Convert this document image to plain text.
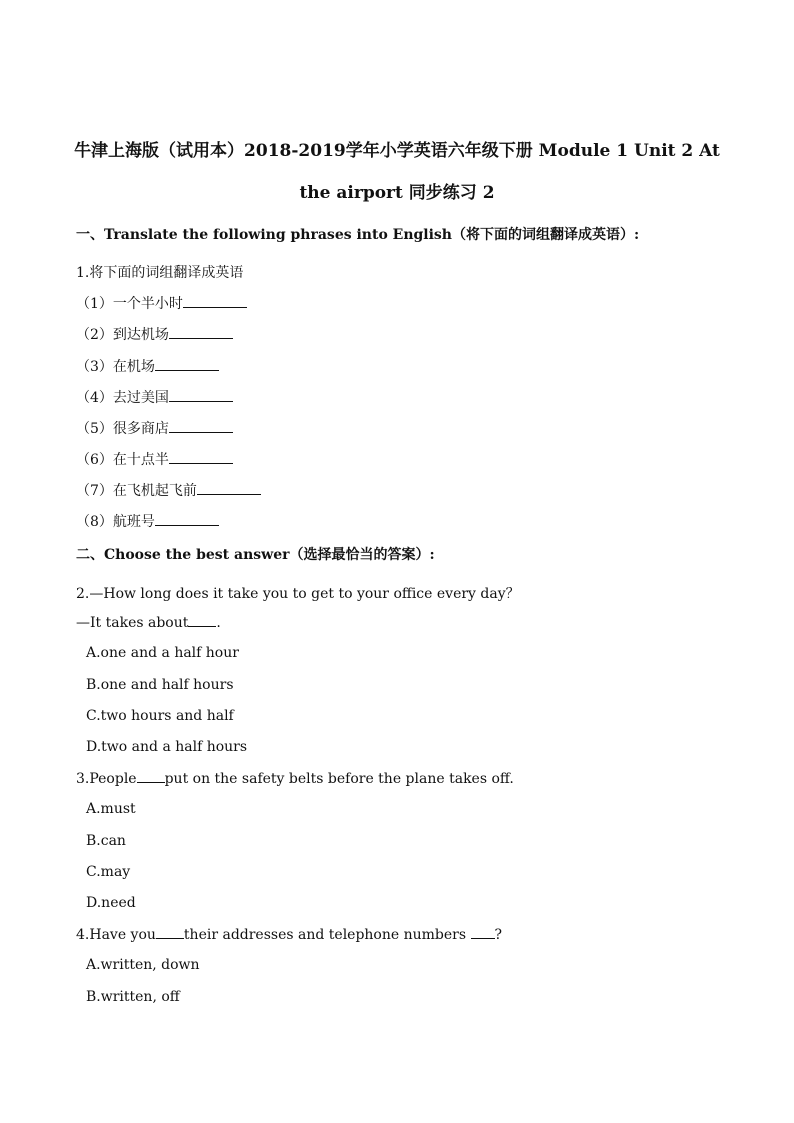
牛津上海版（试用本）2018-2019学年小学英语六年级下册 Module 1 Unit 2 At
the airport 同步练习 2
一、Translate the following phrases into English（将下面的词组翻译成英语）:
1.将下面的词组翻译成英语
（1）一个半小时
（2）到达机场
（3）在机场
（4）去过美国
（5）很多商店
（6）在十点半
（7）在飞机起飞前
（8）航班号
二、Choose the best answer（选择最恰当的答案）:
2.—How long does it take you to get to your office every day？
—It takes about .
A.one and a half hour
B.one and half hours
C.two hours and half
D.two and a half hours
3.People put on the safety belts before the plane takes off.
A.must
B.can
C.may
D.need
4.Have you their addresses and telephone numbers ?
A.written, down
B.written, off
